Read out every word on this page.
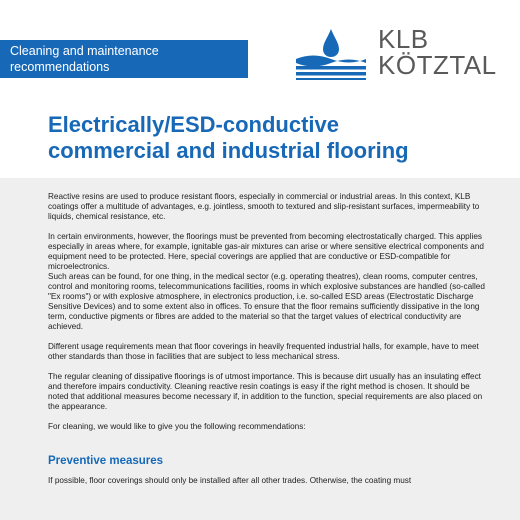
Cleaning and maintenance
recommendations
KLB
KÖTZTAL
Electrically/ESD-conductive
commercial and industrial flooring

Reactive resins are used to produce resistant floors, especially in commercial or industrial areas. In this context, KLB coatings offer a multitude of advantages, e.g. jointless, smooth to textured and slip-resistant surfaces, impermeability to liquids, chemical resistance, etc.

In certain environments, however, the floorings must be prevented from becoming electrostatically charged. This applies especially in areas where, for example, ignitable gas-air mixtures can arise or where sensitive electrical components and equipment need to be protected. Here, special coverings are applied that are conductive or ESD-compatible for microelectronics.

Such areas can be found, for one thing, in the medical sector (e.g. operating theatres), clean rooms, computer centres, control and monitoring rooms, telecommunications facilities, rooms in which explosive substances are handled (so-called "Ex rooms") or with explosive atmosphere, in electronics production, i.e. so-called ESD areas (Electrostatic Discharge Sensitive Devices) and to some extent also in offices. To ensure that the floor remains sufficiently dissipative in the long term, conductive pigments or fibres are added to the material so that the target values of electrical conductivity are achieved.

Different usage requirements mean that floor coverings in heavily frequented industrial halls, for example, have to meet other standards than those in facilities that are subject to less mechanical stress.

The regular cleaning of dissipative floorings is of utmost importance. This is because dirt usually has an insulating effect and therefore impairs conductivity. Cleaning reactive resin coatings is easy if the right method is chosen. It should be noted that additional measures become necessary if, in addition to the function, special requirements are also placed on the appearance.

For cleaning, we would like to give you the following recommendations:

Preventive measures

If possible, floor coverings should only be installed after all other trades. Otherwise, the coating must
